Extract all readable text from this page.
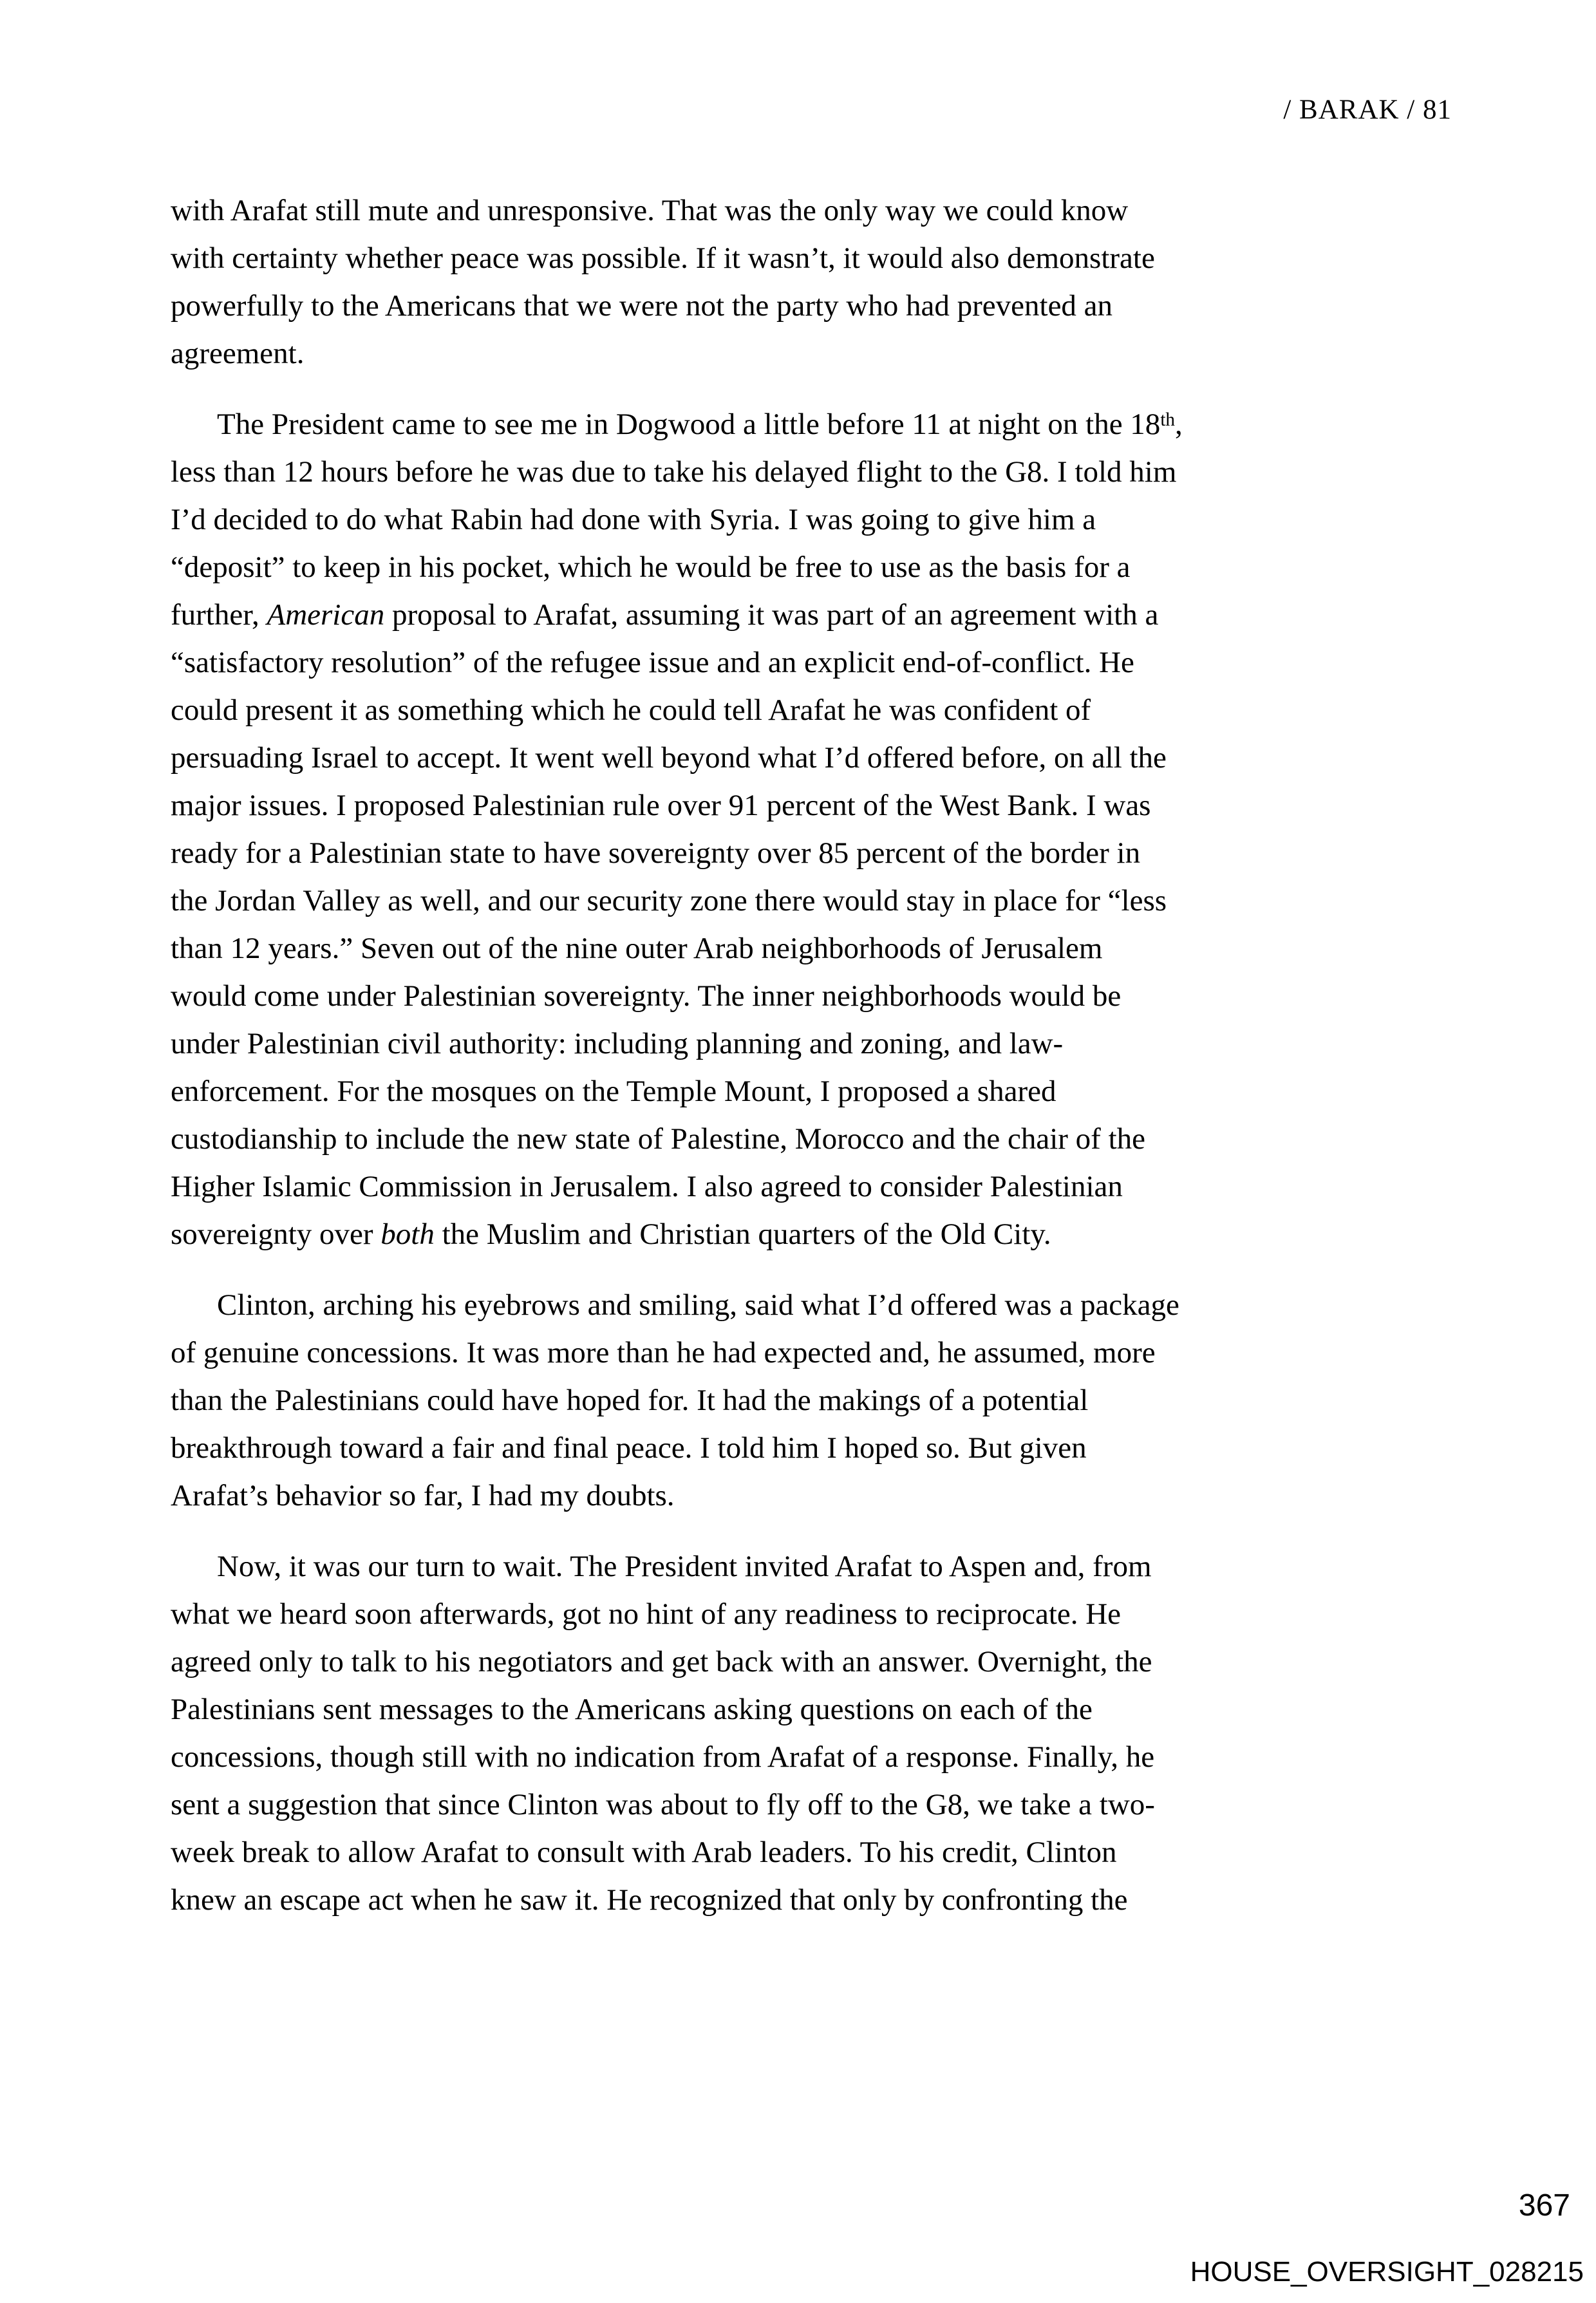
/ BARAK / 81
with Arafat still mute and unresponsive. That was the only way we could know
with certainty whether peace was possible. If it wasn’t, it would also demonstrate
powerfully to the Americans that we were not the party who had prevented an
agreement.
The President came to see me in Dogwood a little before 11 at night on the 18th,
less than 12 hours before he was due to take his delayed flight to the G8. I told him
I’d decided to do what Rabin had done with Syria. I was going to give him a
“deposit” to keep in his pocket, which he would be free to use as the basis for a
further, American proposal to Arafat, assuming it was part of an agreement with a
“satisfactory resolution” of the refugee issue and an explicit end-of-conflict. He
could present it as something which he could tell Arafat he was confident of
persuading Israel to accept. It went well beyond what I’d offered before, on all the
major issues. I proposed Palestinian rule over 91 percent of the West Bank. I was
ready for a Palestinian state to have sovereignty over 85 percent of the border in
the Jordan Valley as well, and our security zone there would stay in place for “less
than 12 years.” Seven out of the nine outer Arab neighborhoods of Jerusalem
would come under Palestinian sovereignty. The inner neighborhoods would be
under Palestinian civil authority: including planning and zoning, and law-
enforcement. For the mosques on the Temple Mount, I proposed a shared
custodianship to include the new state of Palestine, Morocco and the chair of the
Higher Islamic Commission in Jerusalem. I also agreed to consider Palestinian
sovereignty over both the Muslim and Christian quarters of the Old City.
Clinton, arching his eyebrows and smiling, said what I’d offered was a package
of genuine concessions. It was more than he had expected and, he assumed, more
than the Palestinians could have hoped for. It had the makings of a potential
breakthrough toward a fair and final peace. I told him I hoped so. But given
Arafat’s behavior so far, I had my doubts.
Now, it was our turn to wait. The President invited Arafat to Aspen and, from
what we heard soon afterwards, got no hint of any readiness to reciprocate. He
agreed only to talk to his negotiators and get back with an answer. Overnight, the
Palestinians sent messages to the Americans asking questions on each of the
concessions, though still with no indication from Arafat of a response. Finally, he
sent a suggestion that since Clinton was about to fly off to the G8, we take a two-
week break to allow Arafat to consult with Arab leaders. To his credit, Clinton
knew an escape act when he saw it. He recognized that only by confronting the
367
HOUSE_OVERSIGHT_028215
